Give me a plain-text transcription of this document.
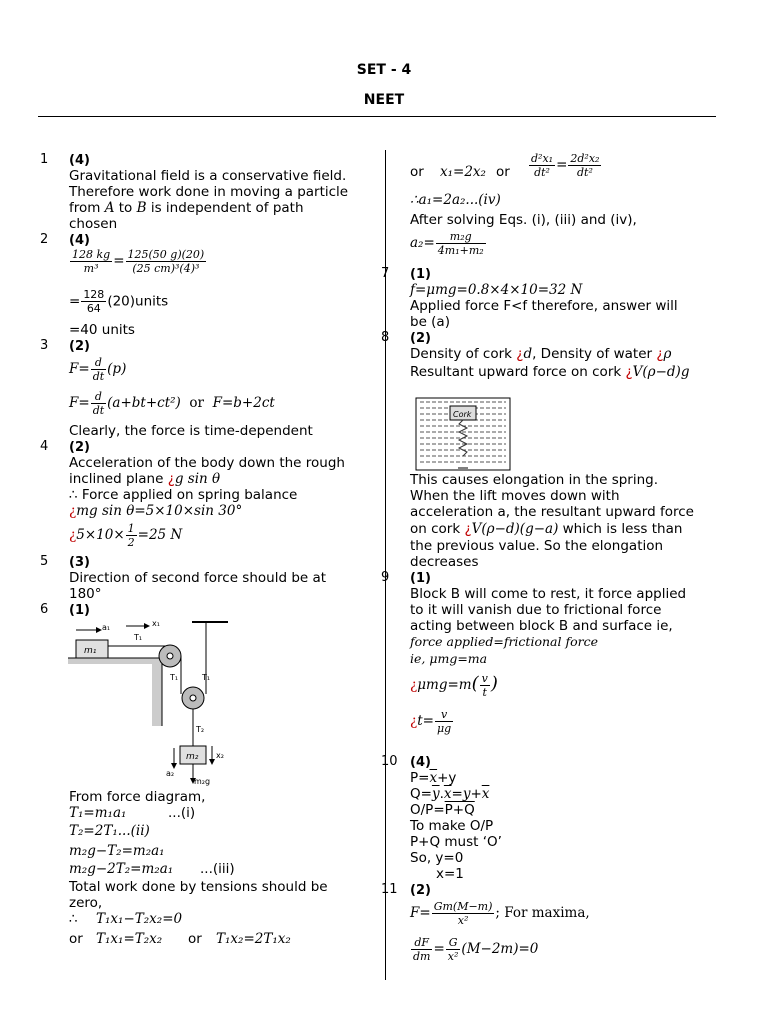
SET - 4
NEET
1 (4)
Gravitational field is a conservative field.
Therefore work done in moving a particle
from A to B is independent of path
chosen
2 (4)
$\frac{128 kg}{\text{m³}} = \frac{125(50 g)(20)}{\text{(25 cm)³(4)³}}$
= $\frac{128}{64}$ (20)units
=40 units
3 (2)
$F= \frac{d}{dt} (p)$
$F= \frac{d}{dt} (a+bt+ct^2)$ or F=b+2ct
Clearly, the force is time-dependent
4 (2)
Acceleration of the body down the rough
inclined plane ¿g sin θ
∴ Force applied on spring balance
¿mg sin θ=5×10×sin 30°
¿$5\times 10\times \frac{1}{2} =25$ N
5 (3)
Direction of second force should be at
180°
6 (1)
m₁
a₁	x₁
T₁
T₁	T₁
T₂
m₂
m₂g
x₂
a₂
From force diagram,
T₁=m₁a₁	...(i)
T₂=2T₁...(ii)
m₂g−T₂=m₂a₁
m₂g−2T₂=m₂a₁ ...(iii)
Total work done by tensions should be
zero,
∴ T₁x₁−T₂x₂=0
or T₁x₁=T₂x₂ or T₁x₂=2T₁x₂
or x₁=2x₂ or $\frac{\text{d²x₁}}{\text{dt²}} = \frac{\text{2d²x₂}}{\text{dt²}}$
∴a₁=2a₂...(iv)
After solving Eqs. (i), (iii) and (iv),
$a_2= \frac{\text{m₂g}}{\text{4m₁+m₂}}$
7 (1)
f=μmg=0.8×4×10=32 N
Applied force F<f therefore, answer will
be (a)
8 (2)
Density of cork ¿d, Density of water ¿ρ
Resultant upward force on cork ¿V(ρ−d)g
Cork
This causes elongation in the spring.
When the lift moves down with
acceleration a, the resultant upward force
on cork ¿V(ρ−d)(g−a) which is less than
the previous value. So the elongation
decreases
9 (1)
Block B will come to rest, it force applied
to it will vanish due to frictional force
acting between block B and surface ie,
force applied=frictional force
ie, μmg=ma
¿$\mu mg=m( \frac{v}{t}$ )
¿$t= \frac{v}{\mu g}$
10 (4)
$P=\overline{x}+y$
$Q=\overline{y}.\overline{x}=y+\overline{x}$
O/P=P+Q
To make O/P
P+Q must ‘O’
So, y=0
x=1
11 (2)
$F= \frac{Gm(M-m)}{\text{x²}}$ ; For maxima,
$\frac{dF}{dm} = \frac{G}{\text{x²}} (M-2m)=0$
